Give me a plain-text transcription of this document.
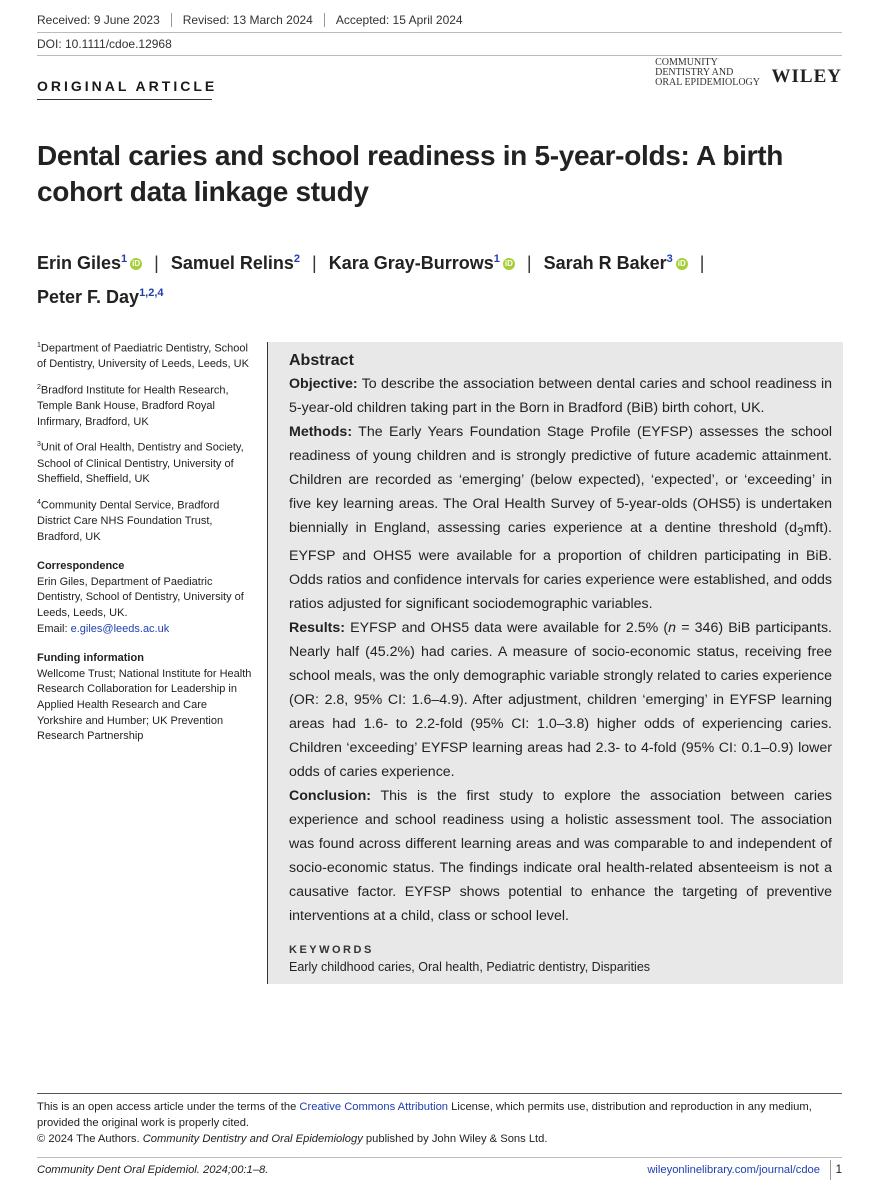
Received: 9 June 2023 Revised: 13 March 2024 Accepted: 15 April 2024
DOI: 10.1111/cdoe.12968
ORIGINAL ARTICLE
COMMUNITY
DENTISTRY AND
ORAL EPIDEMIOLOGY WILEY
Dental caries and school readiness in 5-year-olds: A birth cohort data linkage study
Erin Giles$^1$ iD | Samuel Relins$^2$ | Kara Gray-Burrows$^1$ iD | Sarah R Baker$^3$ iD |
Peter F. Day$^{1,2,4}$

$^1$Department of Paediatric Dentistry, School of Dentistry, University of Leeds, Leeds, UK

$^2$Bradford Institute for Health Research, Temple Bank House, Bradford Royal Infirmary, Bradford, UK

$^3$Unit of Oral Health, Dentistry and Society, School of Clinical Dentistry, University of Sheffield, Sheffield, UK

$^4$Community Dental Service, Bradford District Care NHS Foundation Trust, Bradford, UK

Correspondence

Erin Giles, Department of Paediatric Dentistry, School of Dentistry, University of Leeds, Leeds, UK.
Email: e.giles@leeds.ac.uk

Funding information

Wellcome Trust; National Institute for Health Research Collaboration for Leadership in Applied Health Research and Care Yorkshire and Humber; UK Prevention Research Partnership

Abstract

Objective: To describe the association between dental caries and school readiness in 5-year-old children taking part in the Born in Bradford (BiB) birth cohort, UK.

Methods: The Early Years Foundation Stage Profile (EYFSP) assesses the school readiness of young children and is strongly predictive of future academic attainment. Children are recorded as ‘emerging’ (below expected), ‘expected’, or ‘exceeding’ in five key learning areas. The Oral Health Survey of 5-year-olds (OHS5) is undertaken biennially in England, assessing caries experience at a dentine threshold $(d_3mft)$. EYFSP and OHS5 were available for a proportion of children participating in BiB. Odds ratios and confidence intervals for caries experience were established, and odds ratios adjusted for significant sociodemographic variables.

Results: EYFSP and OHS5 data were available for 2.5% (n = 346) BiB participants. Nearly half (45.2%) had caries. A measure of socio-economic status, receiving free school meals, was the only demographic variable strongly related to caries experience (OR: 2.8, 95% CI: 1.6–4.9). After adjustment, children ‘emerging’ in EYFSP learning areas had 1.6- to 2.2-fold (95% CI: 1.0–3.8) higher odds of experiencing caries. Children ‘exceeding’ EYFSP learning areas had 2.3- to 4-fold (95% CI: 0.1–0.9) lower odds of caries experience.

Conclusion: This is the first study to explore the association between caries experience and school readiness using a holistic assessment tool. The association was found across different learning areas and was comparable to and independent of socio-economic status. The findings indicate oral health-related absenteeism is not a causative factor. EYFSP shows potential to enhance the targeting of preventive interventions at a child, class or school level.

KEYWORDS
Early childhood caries, Oral health, Pediatric dentistry, Disparities
This is an open access article under the terms of the Creative Commons Attribution License, which permits use, distribution and reproduction in any medium, provided the original work is properly cited.
© 2024 The Authors. Community Dentistry and Oral Epidemiology published by John Wiley & Sons Ltd.
Community Dent Oral Epidemiol. 2024;00:1–8.	wileyonlinelibrary.com/journal/cdoe 1
